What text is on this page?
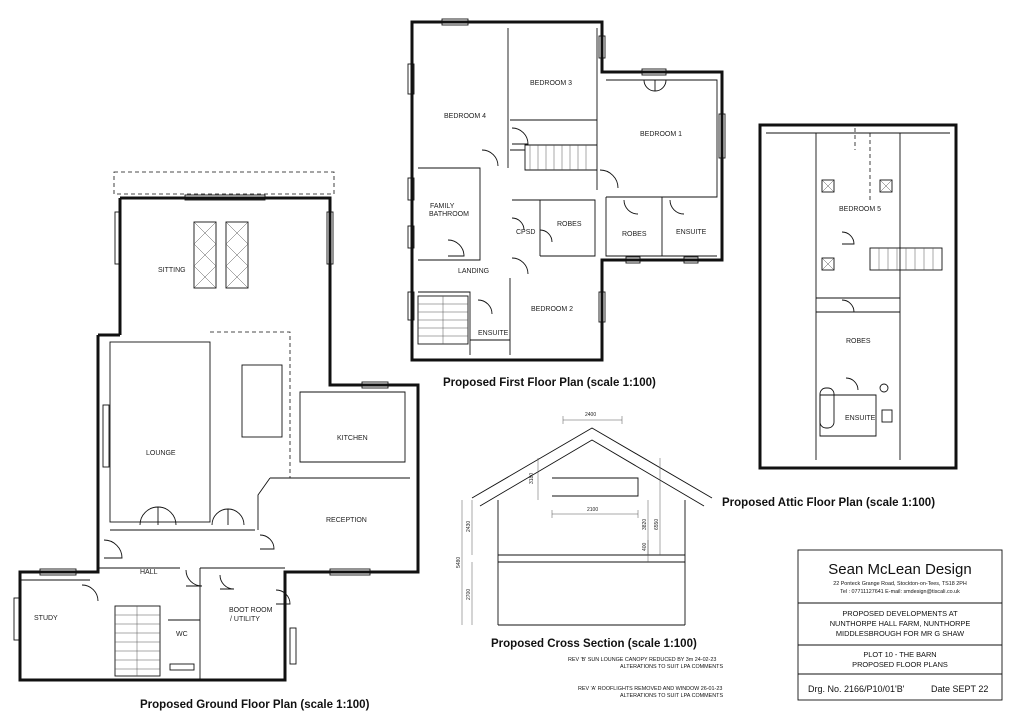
SITTING
LOUNGE
KITCHEN
RECEPTION
HALL
STUDY
WC
BOOT ROOM
/ UTILITY
Proposed Ground Floor Plan (scale 1:100)
BEDROOM 4
BEDROOM 3
BEDROOM 1
BEDROOM 2
FAMILY
BATHROOM
LANDING
CPSD
ROBES
ROBES	ENSUITE
ENSUITE
Proposed First Floor Plan (scale 1:100)
BEDROOM 5
ROBES
ENSUITE
Proposed Attic Floor Plan (scale 1:100)
2400
2100
3180
2430
5480
2700
3820 6550
400
Proposed Cross Section (scale 1:100)
Sean McLean Design
22 Ponteck Grange Road, Stockton-on-Tees, TS18 2PH
Tel : 07711127641 E-mail: smdesign@tiscali.co.uk
PROPOSED DEVELOPMENTS AT
NUNTHORPE HALL FARM, NUNTHORPE
MIDDLESBROUGH FOR MR G SHAW
PLOT 10 - THE BARN
PROPOSED FLOOR PLANS
Drg. No. 2166/P10/01'B'	Date SEPT 22
REV 'B' SUN LOUNGE CANOPY REDUCED BY 3m 24-02-23
ALTERATIONS TO SUIT LPA COMMENTS
REV 'A' ROOFLIGHTS REMOVED AND WINDOW 26-01-23
ALTERATIONS TO SUIT LPA COMMENTS
